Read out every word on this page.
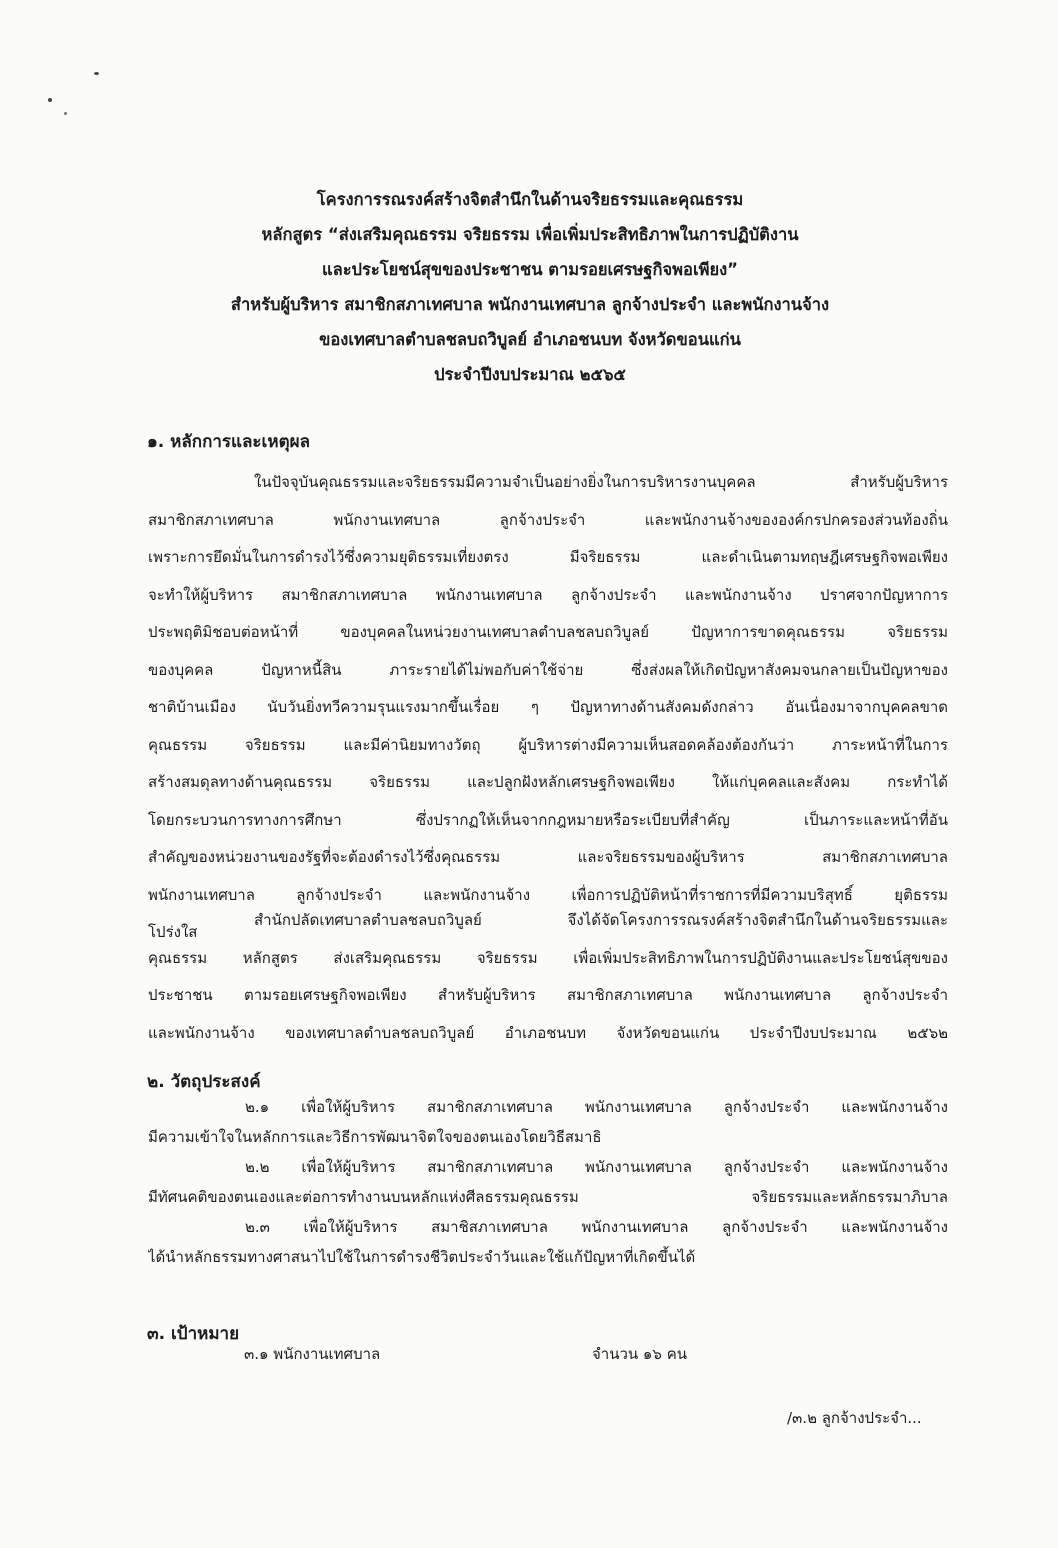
โครงการรณรงค์สร้างจิตสำนึกในด้านจริยธรรมและคุณธรรม
หลักสูตร “ส่งเสริมคุณธรรม จริยธรรม เพื่อเพิ่มประสิทธิภาพในการปฏิบัติงาน
และประโยชน์สุขของประชาชน ตามรอยเศรษฐกิจพอเพียง”
สำหรับผู้บริหาร สมาชิกสภาเทศบาล พนักงานเทศบาล ลูกจ้างประจำ และพนักงานจ้าง
ของเทศบาลตำบลชลบถวิบูลย์ อำเภอชนบท จังหวัดขอนแก่น
ประจำปีงบประมาณ ๒๕๖๕
๑. หลักการและเหตุผล
ในปัจจุบันคุณธรรมและจริยธรรมมีความจำเป็นอย่างยิ่งในการบริหารงานบุคคล สำหรับผู้บริหาร
สมาชิกสภาเทศบาล พนักงานเทศบาล ลูกจ้างประจำ และพนักงานจ้างขององค์กรปกครองส่วนท้องถิ่น
เพราะการยึดมั่นในการดำรงไว้ซึ่งความยุติธรรมเที่ยงตรง มีจริยธรรม และดำเนินตามทฤษฎีเศรษฐกิจพอเพียง
จะทำให้ผู้บริหาร สมาชิกสภาเทศบาล พนักงานเทศบาล ลูกจ้างประจำ และพนักงานจ้าง ปราศจากปัญหาการ
ประพฤติมิชอบต่อหน้าที่ ของบุคคลในหน่วยงานเทศบาลตำบลชลบถวิบูลย์ ปัญหาการขาดคุณธรรม จริยธรรม
ของบุคคล ปัญหาหนี้สิน ภาระรายได้ไม่พอกับค่าใช้จ่าย ซึ่งส่งผลให้เกิดปัญหาสังคมจนกลายเป็นปัญหาของ
ชาติบ้านเมือง นับวันยิ่งทวีความรุนแรงมากขึ้นเรื่อย ๆ ปัญหาทางด้านสังคมดังกล่าว อันเนื่องมาจากบุคคลขาด
คุณธรรม จริยธรรม และมีค่านิยมทางวัตถุ ผู้บริหารต่างมีความเห็นสอดคล้องต้องกันว่า ภาระหน้าที่ในการ
สร้างสมดุลทางด้านคุณธรรม จริยธรรม และปลูกฝังหลักเศรษฐกิจพอเพียง ให้แก่บุคคลและสังคม กระทำได้
โดยกระบวนการทางการศึกษา ซึ่งปรากฏให้เห็นจากกฎหมายหรือระเบียบที่สำคัญ เป็นภาระและหน้าที่อัน
สำคัญของหน่วยงานของรัฐที่จะต้องดำรงไว้ซึ่งคุณธรรม และจริยธรรมของผู้บริหาร สมาชิกสภาเทศบาล
พนักงานเทศบาล ลูกจ้างประจำ และพนักงานจ้าง เพื่อการปฏิบัติหน้าที่ราชการที่มีความบริสุทธิ์ ยุติธรรม
โปร่งใส
สำนักปลัดเทศบาลตำบลชลบถวิบูลย์ จึงได้จัดโครงการรณรงค์สร้างจิตสำนึกในด้านจริยธรรมและ
คุณธรรม หลักสูตร ส่งเสริมคุณธรรม จริยธรรม เพื่อเพิ่มประสิทธิภาพในการปฏิบัติงานและประโยชน์สุขของ
ประชาชน ตามรอยเศรษฐกิจพอเพียง สำหรับผู้บริหาร สมาชิกสภาเทศบาล พนักงานเทศบาล ลูกจ้างประจำ
และพนักงานจ้าง ของเทศบาลตำบลชลบถวิบูลย์ อำเภอชนบท จังหวัดขอนแก่น ประจำปีงบประมาณ ๒๕๖๒
๒. วัตถุประสงค์
๒.๑ เพื่อให้ผู้บริหาร สมาชิกสภาเทศบาล พนักงานเทศบาล ลูกจ้างประจำ และพนักงานจ้าง
มีความเข้าใจในหลักการและวิธีการพัฒนาจิตใจของตนเองโดยวิธีสมาธิ
๒.๒ เพื่อให้ผู้บริหาร สมาชิกสภาเทศบาล พนักงานเทศบาล ลูกจ้างประจำ และพนักงานจ้าง
มีทัศนคติของตนเองและต่อการทำงานบนหลักแห่งศีลธรรมคุณธรรม จริยธรรมและหลักธรรมาภิบาล
๒.๓ เพื่อให้ผู้บริหาร สมาชิสภาเทศบาล พนักงานเทศบาล ลูกจ้างประจำ และพนักงานจ้าง
ได้นำหลักธรรมทางศาสนาไปใช้ในการดำรงชีวิตประจำวันและใช้แก้ปัญหาที่เกิดขึ้นได้
๓. เป้าหมาย
๓.๑ พนักงานเทศบาล	จำนวน ๑๖ คน
/๓.๒ ลูกจ้างประจำ...
